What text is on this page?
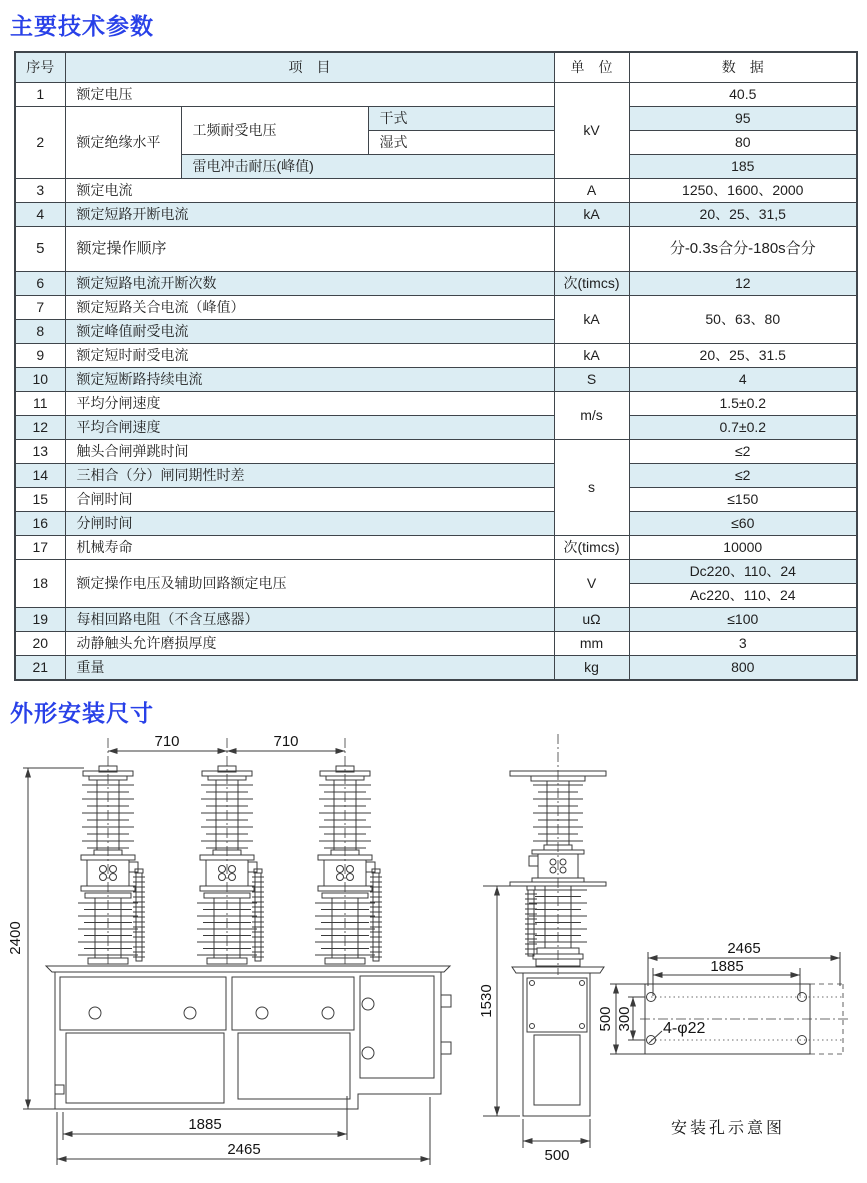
主要技术参数
序号	项　目			单　位	数　据
1	额定电压			kV	40.5
2	额定绝缘水平	工频耐受电压	干式		95
			湿式		80
		雷电冲击耐压(峰值)			185
3	额定电流			A	1250、1600、2000
4	额定短路开断电流			kA	20、25、31,5
5	额定操作顺序				分-0.3s合分-180s合分
6	额定短路电流开断次数			次(timcs)	12
7	额定短路关合电流（峰值）			kA	50、63、80
8	额定峰值耐受电流				
9	额定短时耐受电流			kA	20、25、31.5
10	额定短断路持续电流			S	4
11	平均分闸速度			m/s	1.5±0.2
12	平均合闸速度				0.7±0.2
13	触头合闸弹跳时间			s	≤2
14	三相合（分）闸同期性时差				≤2
15	合闸时间				≤150
16	分闸时间				≤60
17	机械寿命			次(timcs)	10000
18	额定操作电压及辅助回路额定电压			V	Dc220、110、24
					Ac220、110、24
19	每相回路电阻（不含互感器）			uΩ	≤100
20	动静触头允许磨损厚度			mm	3
21	重量			kg	800
外形安装尺寸
710	710
2400
1885
2465
1530
500
2465
1885
500 300 4-φ22
安装孔示意图
